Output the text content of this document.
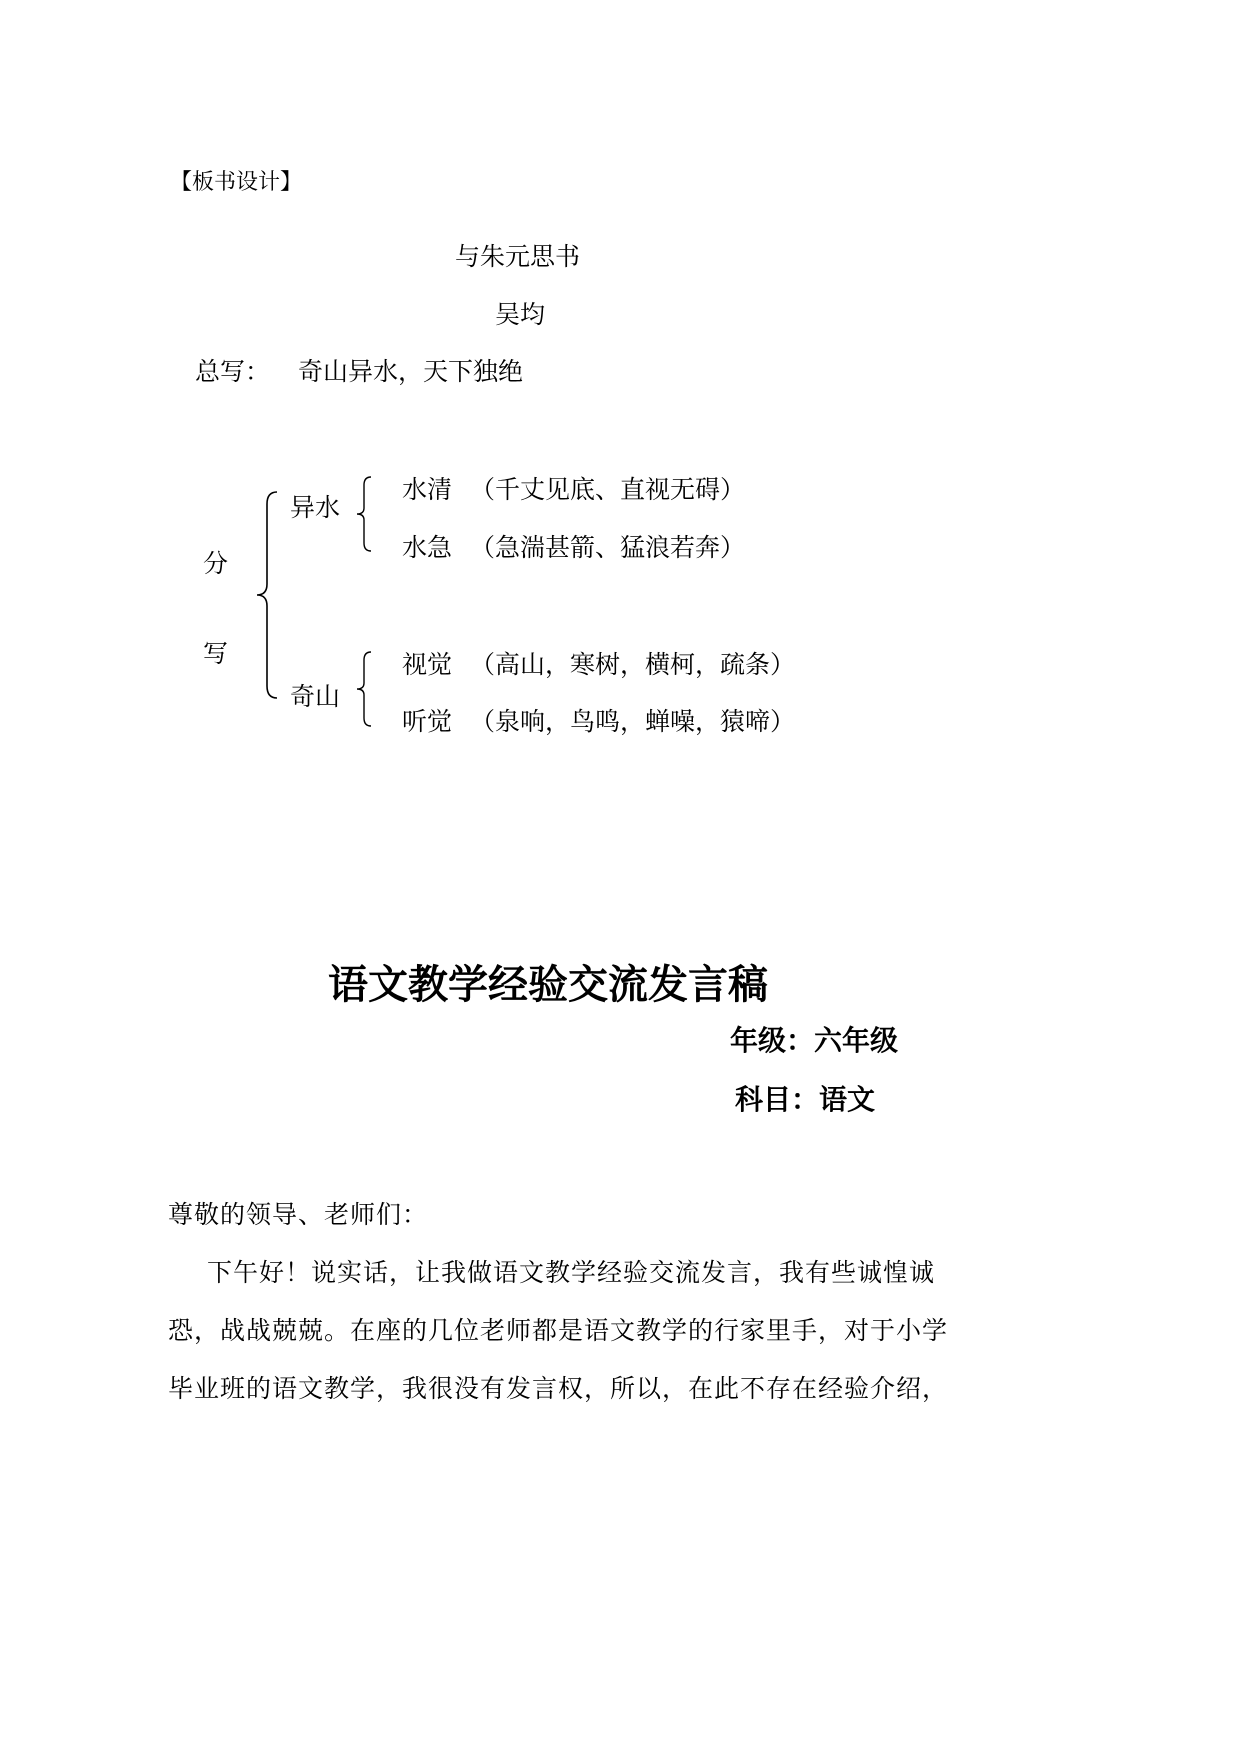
【板书设计】
与朱元思书
吴均
总写： 奇山异水，天下独绝
分
写
异水
水清 （千丈见底、直视无碍）
水急 （急湍甚箭、猛浪若奔）
奇山
视觉 （高山，寒树，横柯，疏条）
听觉 （泉响，鸟鸣，蝉噪，猿啼）
语文教学经验交流发言稿
年级：六年级
科目：语文
尊敬的领导、老师们：
下午好！说实话，让我做语文教学经验交流发言，我有些诚惶诚
恐，战战兢兢。在座的几位老师都是语文教学的行家里手，对于小学
毕业班的语文教学，我很没有发言权，所以，在此不存在经验介绍，
